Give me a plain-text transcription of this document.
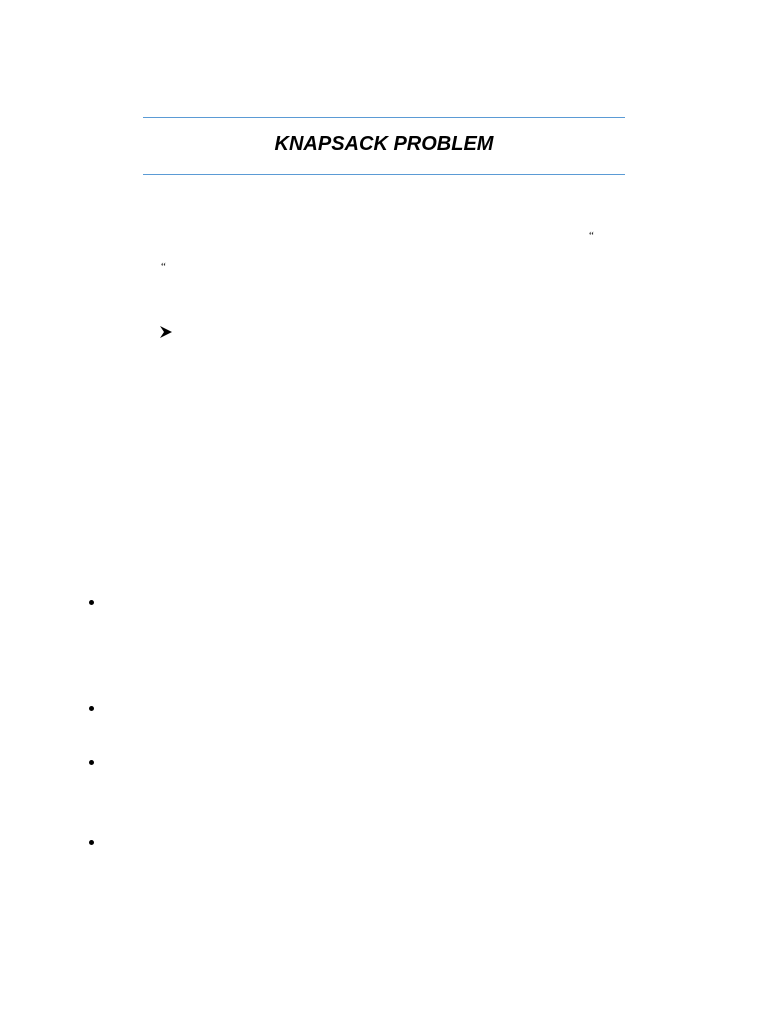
KNAPSACK PROBLEM
“
“
